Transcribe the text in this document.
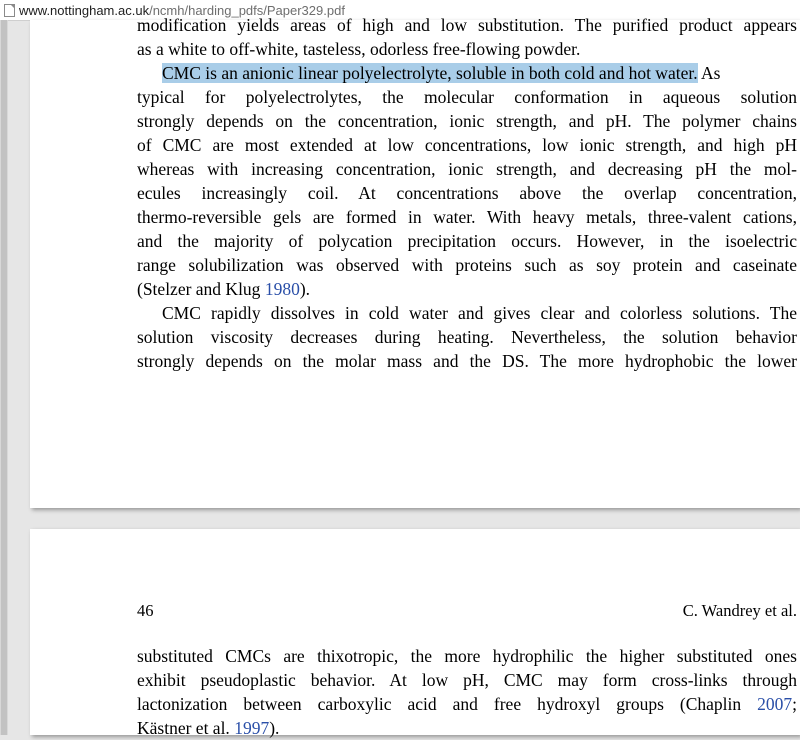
www.nottingham.ac.uk /ncmh/harding_pdfs/Paper329.pdf
modification yields areas of high and low substitution. The purified product appears
as a white to off-white, tasteless, odorless free-flowing powder.
CMC is an anionic linear polyelectrolyte, soluble in both cold and hot water. As
typical for polyelectrolytes, the molecular conformation in aqueous solution
strongly depends on the concentration, ionic strength, and pH. The polymer chains
of CMC are most extended at low concentrations, low ionic strength, and high pH
whereas with increasing concentration, ionic strength, and decreasing pH the mol-
ecules increasingly coil. At concentrations above the overlap concentration,
thermo-reversible gels are formed in water. With heavy metals, three-valent cations,
and the majority of polycation precipitation occurs. However, in the isoelectric
range solubilization was observed with proteins such as soy protein and caseinate
(Stelzer and Klug 1980).
CMC rapidly dissolves in cold water and gives clear and colorless solutions. The
solution viscosity decreases during heating. Nevertheless, the solution behavior
strongly depends on the molar mass and the DS. The more hydrophobic the lower
46	C. Wandrey et al.
substituted CMCs are thixotropic, the more hydrophilic the higher substituted ones
exhibit pseudoplastic behavior. At low pH, CMC may form cross-links through
lactonization between carboxylic acid and free hydroxyl groups (Chaplin 2007;
Kästner et al. 1997).
